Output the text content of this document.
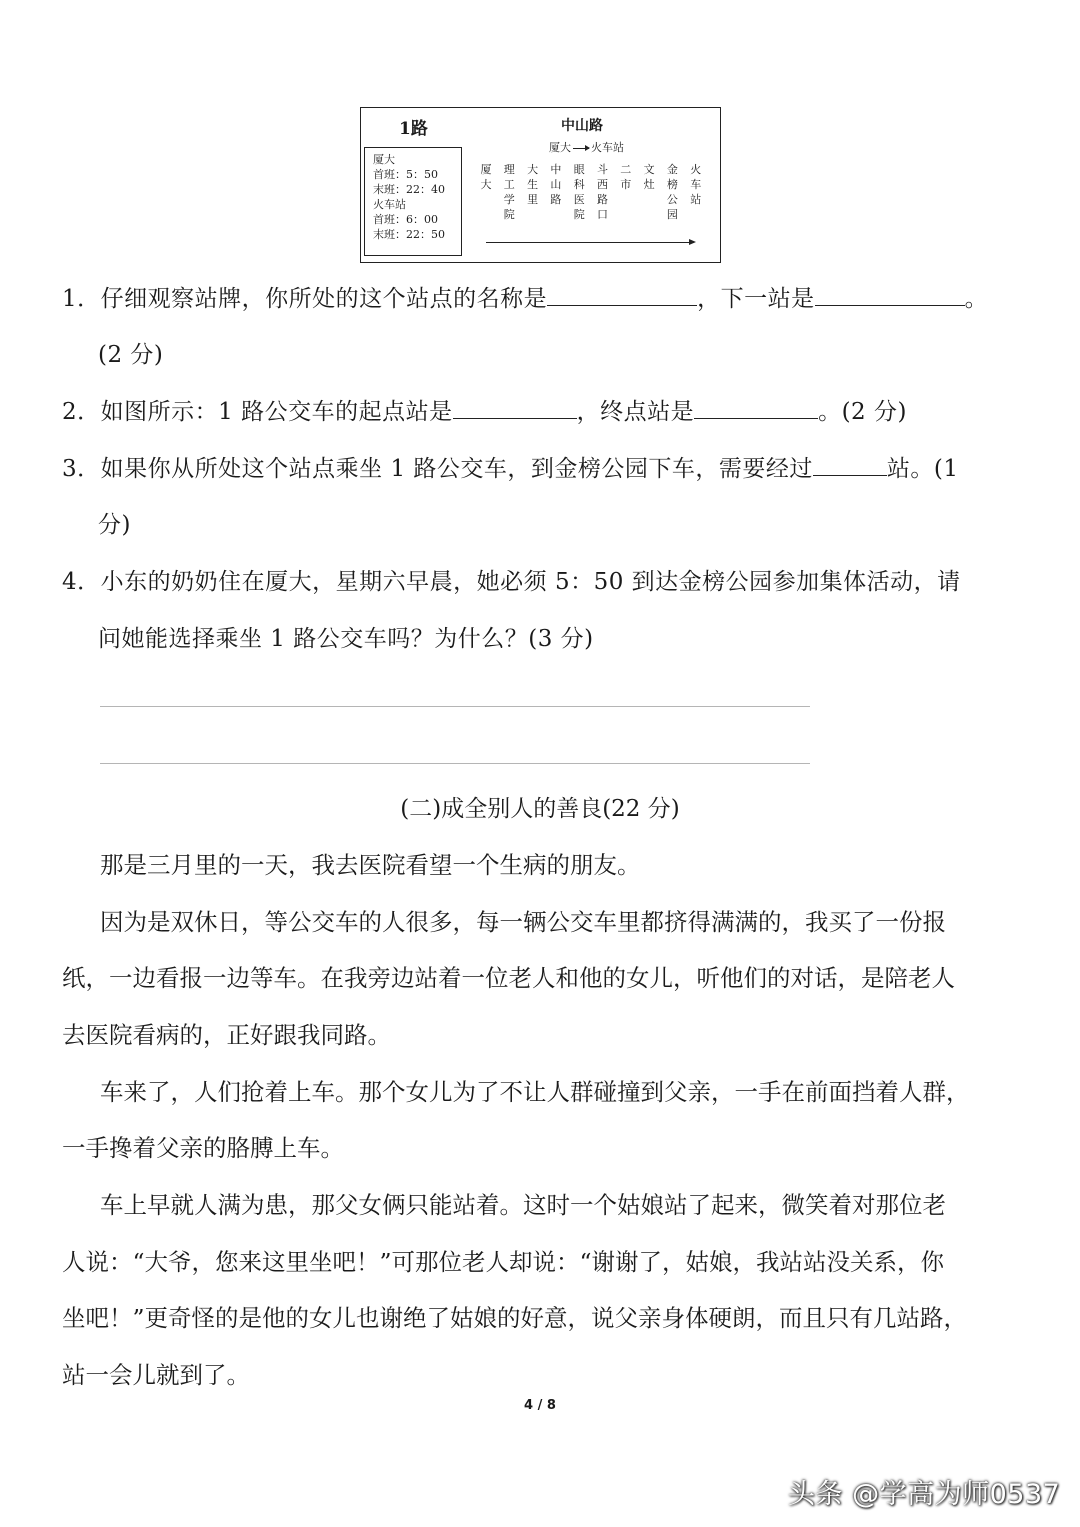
1路
厦大
首班：5：50
末班：22：40
火车站
首班：6：00
末班：22：50
中山路
厦大 火车站
厦
大
理
工
学
院
大
生
里
中
山
路
眼
科
医
院
斗
西
路
口
二
市
文
灶
金
榜
公
园
火
车
站
1．仔细观察站牌，你所处的这个站点的名称是	，下一站是	。
(2 分)
2．如图所示：1 路公交车的起点站是	，终点站是	。(2 分)
3．如果你从所处这个站点乘坐 1 路公交车，到金榜公园下车，需要经过	站。(1
分)
4．小东的奶奶住在厦大，星期六早晨，她必须 5：50 到达金榜公园参加集体活动，请
问她能选择乘坐 1 路公交车吗？为什么？(3 分)
(二)成全别人的善良(22 分)
那是三月里的一天，我去医院看望一个生病的朋友。
因为是双休日，等公交车的人很多，每一辆公交车里都挤得满满的，我买了一份报
纸，一边看报一边等车。在我旁边站着一位老人和他的女儿，听他们的对话，是陪老人
去医院看病的，正好跟我同路。
车来了，人们抢着上车。那个女儿为了不让人群碰撞到父亲，一手在前面挡着人群，
一手搀着父亲的胳膊上车。
车上早就人满为患，那父女俩只能站着。这时一个姑娘站了起来，微笑着对那位老
人说：“大爷，您来这里坐吧！”可那位老人却说：“谢谢了，姑娘，我站站没关系，你
坐吧！”更奇怪的是他的女儿也谢绝了姑娘的好意，说父亲身体硬朗，而且只有几站路，
站一会儿就到了。
4 / 8
头条 @学高为师0537
